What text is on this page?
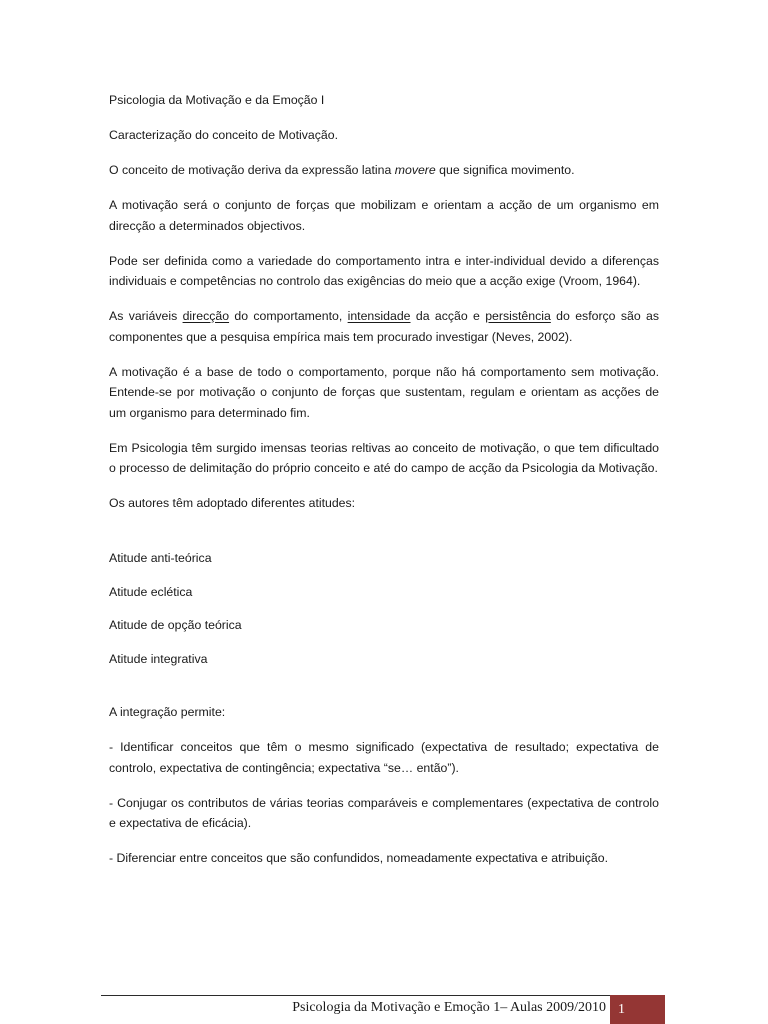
Psicologia da Motivação e da Emoção I

Caracterização do conceito de Motivação.

O conceito de motivação deriva da expressão latina movere que significa movimento.

A motivação será o conjunto de forças que mobilizam e orientam a acção de um organismo em direcção a determinados objectivos.

Pode ser definida como a variedade do comportamento intra e inter-individual devido a diferenças individuais e competências no controlo das exigências do meio que a acção exige (Vroom, 1964).

As variáveis direcção do comportamento, intensidade da acção e persistência do esforço são as componentes que a pesquisa empírica mais tem procurado investigar (Neves, 2002).

A motivação é a base de todo o comportamento, porque não há comportamento sem motivação. Entende-se por motivação o conjunto de forças que sustentam, regulam e orientam as acções de um organismo para determinado fim.

Em Psicologia têm surgido imensas teorias reltivas ao conceito de motivação, o que tem dificultado o processo de delimitação do próprio conceito e até do campo de acção da Psicologia da Motivação.

Os autores têm adoptado diferentes atitudes:

Atitude anti-teórica

Atitude eclética

Atitude de opção teórica

Atitude integrativa

A integração permite:

- Identificar conceitos que têm o mesmo significado (expectativa de resultado; expectativa de controlo, expectativa de contingência; expectativa “se… então”).

- Conjugar os contributos de várias teorias comparáveis e complementares (expectativa de controlo e expectativa de eficácia).

- Diferenciar entre conceitos que são confundidos, nomeadamente expectativa e atribuição.

Psicologia da Motivação e Emoção 1– Aulas 2009/2010 1
